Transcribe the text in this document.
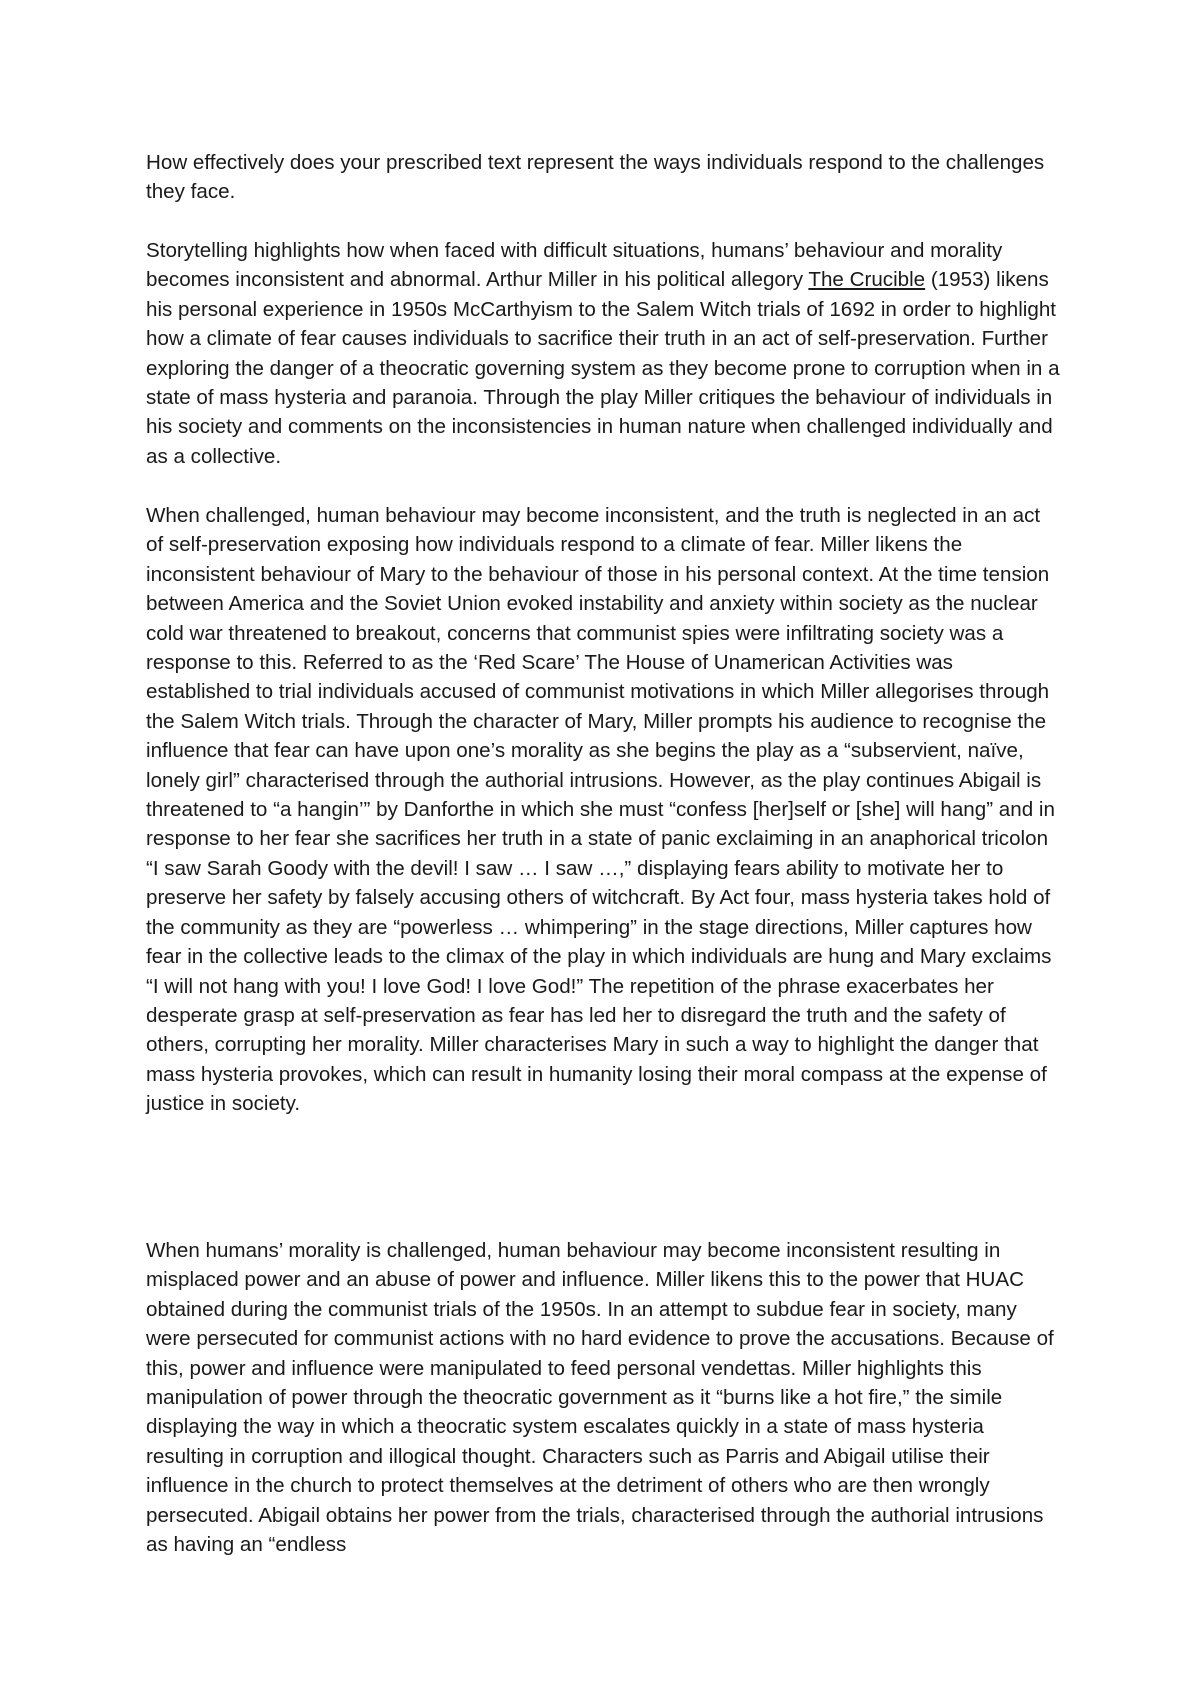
How effectively does your prescribed text represent the ways individuals respond to the challenges they face.

Storytelling highlights how when faced with difficult situations, humans’ behaviour and morality becomes inconsistent and abnormal. Arthur Miller in his political allegory The Crucible (1953) likens his personal experience in 1950s McCarthyism to the Salem Witch trials of 1692 in order to highlight how a climate of fear causes individuals to sacrifice their truth in an act of self-preservation. Further exploring the danger of a theocratic governing system as they become prone to corruption when in a state of mass hysteria and paranoia. Through the play Miller critiques the behaviour of individuals in his society and comments on the inconsistencies in human nature when challenged individually and as a collective.

When challenged, human behaviour may become inconsistent, and the truth is neglected in an act of self-preservation exposing how individuals respond to a climate of fear. Miller likens the inconsistent behaviour of Mary to the behaviour of those in his personal context. At the time tension between America and the Soviet Union evoked instability and anxiety within society as the nuclear cold war threatened to breakout, concerns that communist spies were infiltrating society was a response to this. Referred to as the ‘Red Scare’ The House of Unamerican Activities was established to trial individuals accused of communist motivations in which Miller allegorises through the Salem Witch trials. Through the character of Mary, Miller prompts his audience to recognise the influence that fear can have upon one’s morality as she begins the play as a “subservient, naïve, lonely girl” characterised through the authorial intrusions. However, as the play continues Abigail is threatened to “a hangin’” by Danforthe in which she must “confess [her]self or [she] will hang” and in response to her fear she sacrifices her truth in a state of panic exclaiming in an anaphorical tricolon “I saw Sarah Goody with the devil! I saw … I saw …,” displaying fears ability to motivate her to preserve her safety by falsely accusing others of witchcraft. By Act four, mass hysteria takes hold of the community as they are “powerless … whimpering” in the stage directions, Miller captures how fear in the collective leads to the climax of the play in which individuals are hung and Mary exclaims “I will not hang with you! I love God! I love God!” The repetition of the phrase exacerbates her desperate grasp at self-preservation as fear has led her to disregard the truth and the safety of others, corrupting her morality. Miller characterises Mary in such a way to highlight the danger that mass hysteria provokes, which can result in humanity losing their moral compass at the expense of justice in society.

When humans’ morality is challenged, human behaviour may become inconsistent resulting in misplaced power and an abuse of power and influence. Miller likens this to the power that HUAC obtained during the communist trials of the 1950s. In an attempt to subdue fear in society, many were persecuted for communist actions with no hard evidence to prove the accusations. Because of this, power and influence were manipulated to feed personal vendettas. Miller highlights this manipulation of power through the theocratic government as it “burns like a hot fire,” the simile displaying the way in which a theocratic system escalates quickly in a state of mass hysteria resulting in corruption and illogical thought. Characters such as Parris and Abigail utilise their influence in the church to protect themselves at the detriment of others who are then wrongly persecuted. Abigail obtains her power from the trials, characterised through the authorial intrusions as having an “endless
